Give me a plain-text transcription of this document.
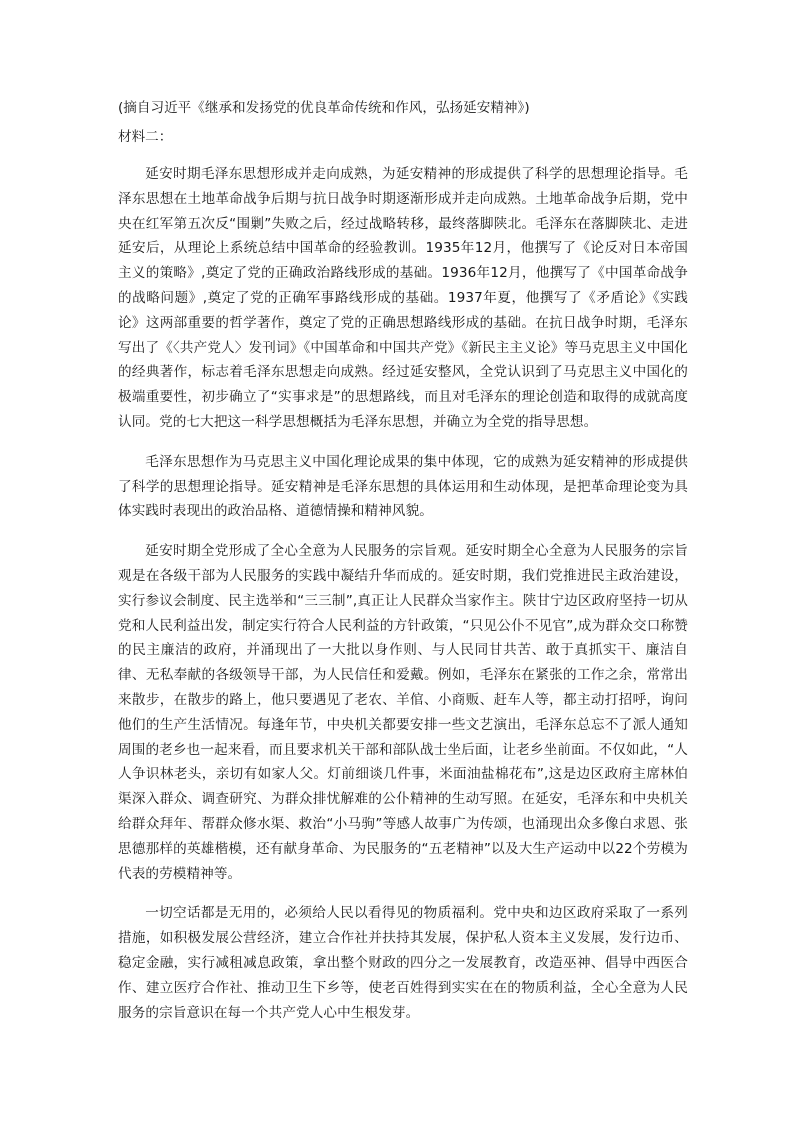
(摘自习近平《继承和发扬党的优良革命传统和作风，弘扬延安精神》)

材料二：

延安时期毛泽东思想形成并走向成熟，为延安精神的形成提供了科学的思想理论指导。毛泽东思想在土地革命战争后期与抗日战争时期逐渐形成并走向成熟。土地革命战争后期，党中央在红军第五次反“围剿”失败之后，经过战略转移，最终落脚陕北。毛泽东在落脚陕北、走进延安后，从理论上系统总结中国革命的经验教训。1935年12月，他撰写了《论反对日本帝国主义的策略》,奠定了党的正确政治路线形成的基础。1936年12月，他撰写了《中国革命战争的战略问题》,奠定了党的正确军事路线形成的基础。1937年夏，他撰写了《矛盾论》《实践论》这两部重要的哲学著作，奠定了党的正确思想路线形成的基础。在抗日战争时期，毛泽东写出了《〈共产党人〉发刊词》《中国革命和中国共产党》《新民主主义论》等马克思主义中国化的经典著作，标志着毛泽东思想走向成熟。经过延安整风，全党认识到了马克思主义中国化的极端重要性，初步确立了“实事求是”的思想路线，而且对毛泽东的理论创造和取得的成就高度认同。党的七大把这一科学思想概括为毛泽东思想，并确立为全党的指导思想。

毛泽东思想作为马克思主义中国化理论成果的集中体现，它的成熟为延安精神的形成提供了科学的思想理论指导。延安精神是毛泽东思想的具体运用和生动体现，是把革命理论变为具体实践时表现出的政治品格、道德情操和精神风貌。

延安时期全党形成了全心全意为人民服务的宗旨观。延安时期全心全意为人民服务的宗旨观是在各级干部为人民服务的实践中凝结升华而成的。延安时期，我们党推进民主政治建设，实行参议会制度、民主选举和“三三制”,真正让人民群众当家作主。陕甘宁边区政府坚持一切从党和人民利益出发，制定实行符合人民利益的方针政策，“只见公仆不见官”,成为群众交口称赞的民主廉洁的政府，并涌现出了一大批以身作则、与人民同甘共苦、敢于真抓实干、廉洁自律、无私奉献的各级领导干部，为人民信任和爱戴。例如，毛泽东在紧张的工作之余，常常出来散步，在散步的路上，他只要遇见了老农、羊倌、小商贩、赶车人等，都主动打招呼，询问他们的生产生活情况。每逢年节，中央机关都要安排一些文艺演出，毛泽东总忘不了派人通知周围的老乡也一起来看，而且要求机关干部和部队战士坐后面，让老乡坐前面。不仅如此，“人人争识林老头，亲切有如家人父。灯前细谈几件事，米面油盐棉花布”,这是边区政府主席林伯渠深入群众、调查研究、为群众排忧解难的公仆精神的生动写照。在延安，毛泽东和中央机关给群众拜年、帮群众修水渠、救治“小马驹”等感人故事广为传颂，也涌现出众多像白求恩、张思德那样的英雄楷模，还有献身革命、为民服务的“五老精神”以及大生产运动中以22个劳模为代表的劳模精神等。

一切空话都是无用的，必须给人民以看得见的物质福利。党中央和边区政府采取了一系列措施，如积极发展公营经济，建立合作社并扶持其发展，保护私人资本主义发展，发行边币、稳定金融，实行减租减息政策，拿出整个财政的四分之一发展教育，改造巫神、倡导中西医合作、建立医疗合作社、推动卫生下乡等，使老百姓得到实实在在的物质利益，全心全意为人民服务的宗旨意识在每一个共产党人心中生根发芽。
